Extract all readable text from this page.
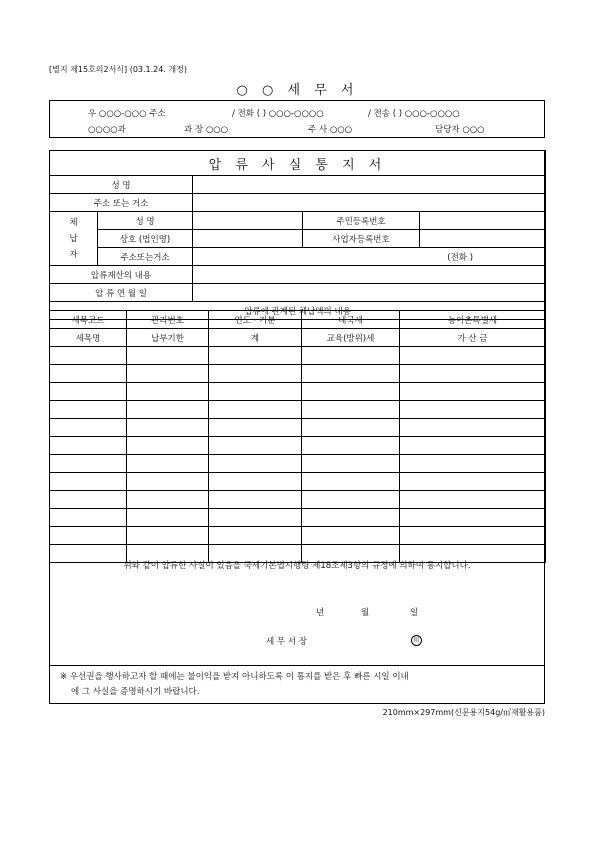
[별지 제15호의2서식] (03.1.24. 개정)
○ ○ 세 무 서
우 ○○○-○○○ 주소	/ 전화 ( ) ○○○-○○○○	/ 전송 ( ) ○○○-○○○○
○○○○과	과 장 ○○○	주 사 ○○○	담당자 ○○○
압 류 사 실 통 지 서				
성 명				
주소 또는 거소				
체
납
자	성 명		주민등록번호	
	상호 (법인명)		사업자등록번호	
	주소또는거소	(전화 )		
압류재산의 내용				
압 류 연 월 일				
압류에 관계된 체납액의 내용				
세목코드	관리번호	연도 · 기분	내국세	농어촌특별세
세목명	납부기한	계	교육(방위)세	가 산 금

위와 같이 압류한 사실이 있음을 국세기본법시행령 제18조제3항의 규정에 의하여 통지합니다.
년	월	일
세 무 서 장	印
※ 우선권을 행사하고자 할 때에는 불이익을 받지 아니하도록 이 통지를 받은 후 빠른 시일 이내
에 그 사실을 증명하시기 바랍니다.
210mm×297mm(신문용지54g/㎡재활용품)
